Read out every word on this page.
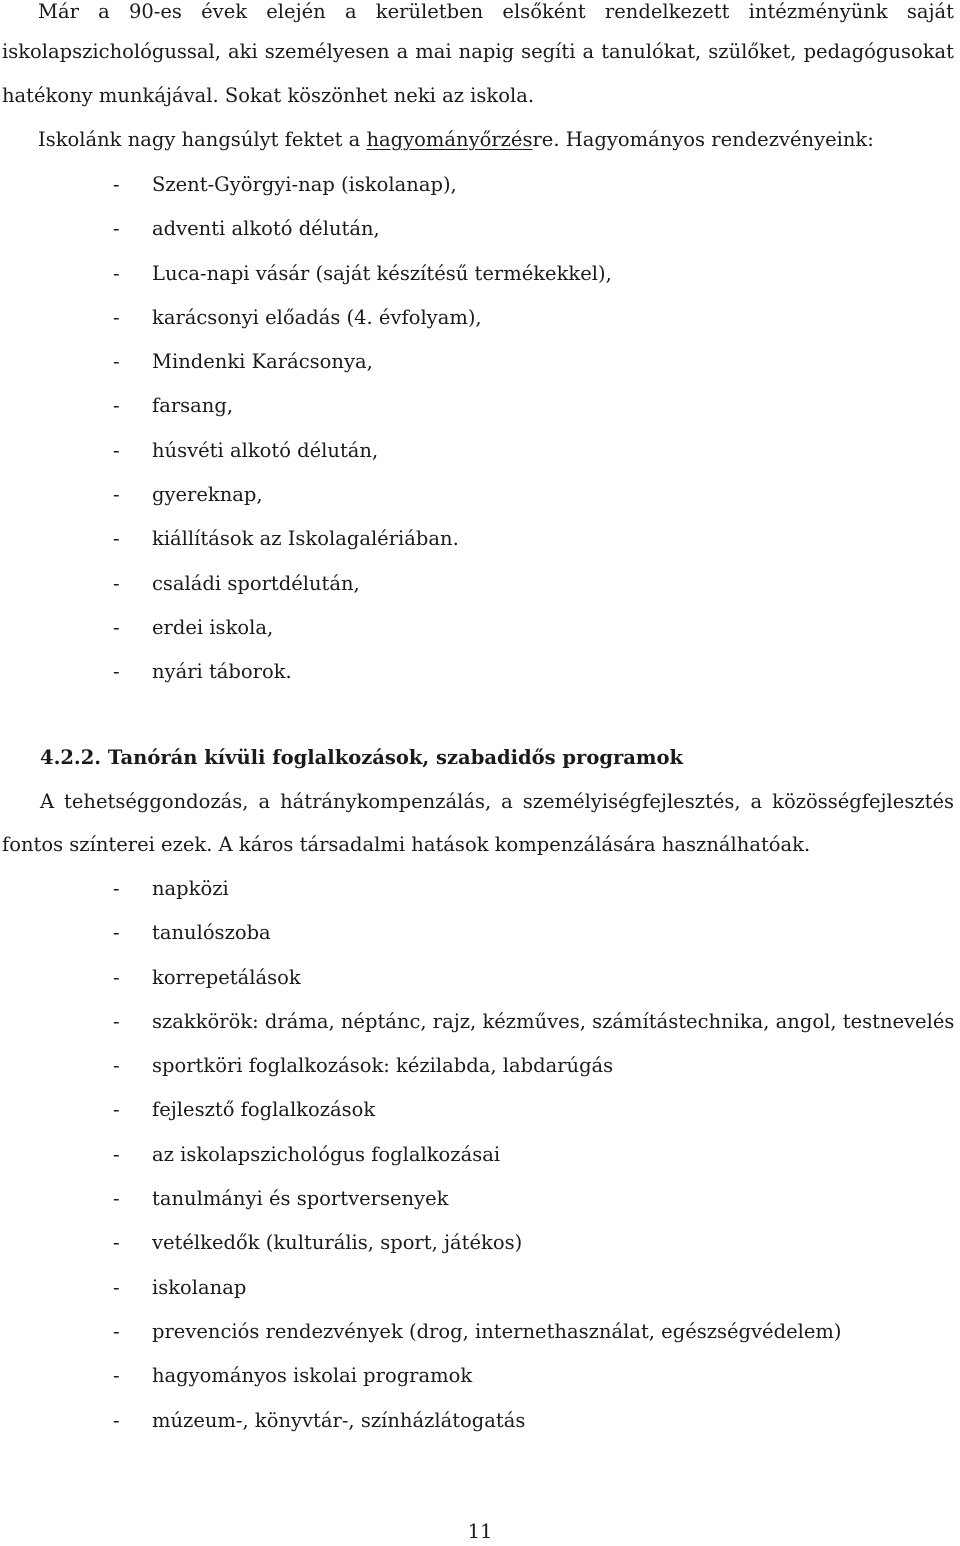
Már a 90-es évek elején a kerületben elsőként rendelkezett intézményünk saját

iskolapszichológussal, aki személyesen a mai napig segíti a tanulókat, szülőket, pedagógusokat

hatékony munkájával. Sokat köszönhet neki az iskola.

Iskolánk nagy hangsúlyt fektet a hagyományőrzésre. Hagyományos rendezvényeink:

- Szent-Györgyi-nap (iskolanap),
- adventi alkotó délután,
- Luca-napi vásár (saját készítésű termékekkel),
- karácsonyi előadás (4. évfolyam),
- Mindenki Karácsonya,
- farsang,
- húsvéti alkotó délután,
- gyereknap,
- kiállítások az Iskolagalériában.
- családi sportdélután,
- erdei iskola,
- nyári táborok.
4.2.2. Tanórán kívüli foglalkozások, szabadidős programok

A tehetséggondozás, a hátránykompenzálás, a személyiségfejlesztés, a közösségfejlesztés

fontos színterei ezek. A káros társadalmi hatások kompenzálására használhatóak.

- napközi
- tanulószoba
- korrepetálások
- szakkörök: dráma, néptánc, rajz, kézműves, számítástechnika, angol, testnevelés
- sportköri foglalkozások: kézilabda, labdarúgás
- fejlesztő foglalkozások
- az iskolapszichológus foglalkozásai
- tanulmányi és sportversenyek
- vetélkedők (kulturális, sport, játékos)
- iskolanap
- prevenciós rendezvények (drog, internethasználat, egészségvédelem)
- hagyományos iskolai programok
- múzeum-, könyvtár-, színházlátogatás

11
